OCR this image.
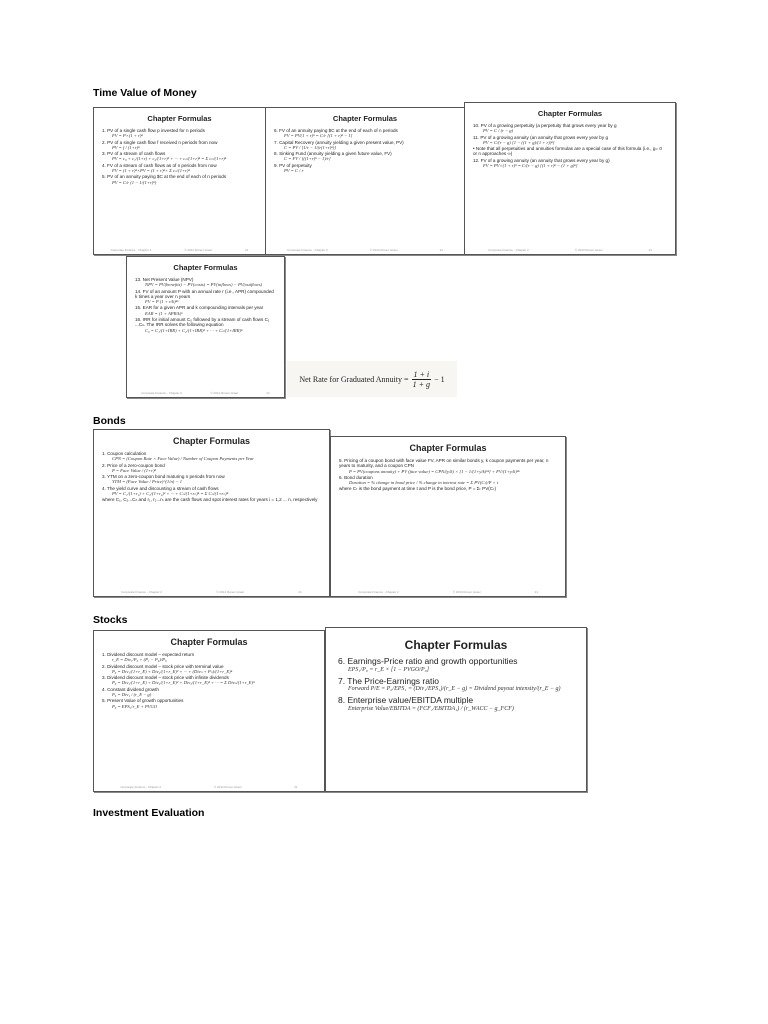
Time Value of Money
Bonds
Stocks
Investment Evaluation
Chapter Formulas
1. PV of a single cash flow p invested for n periods
FV = P×(1 + r)ⁿ
2. PV of a single cash flow f received n periods from now
PV = f / (1+r)ⁿ
3. PV of a stream of cash flows
PV = c₀ + c₁/(1+r) + c₂/(1+r)² + ··· + cₙ/(1+r)ⁿ = Σ cₙ/(1+r)ⁿ
4. FV of a stream of cash flows as of n periods from now
FV = (1 + r)ⁿ×PV = (1 + r)ⁿ× Σ cₙ/(1+r)ⁿ
5. PV of an annuity paying $C at the end of each of n periods
PV = C/r (1 − 1/(1+r)ⁿ)
Corporate Finance - Chapter 2	© 2014 Ronen Israel	21
Chapter Formulas
6. FV of an annuity paying $C at the end of each of n periods
FV = PV(1 + r)ⁿ = C/r [(1 + r)ⁿ − 1]
7. Capital Recovery (annuity yielding a given present value, PV)
C = PV / [1/r − 1/(r(1+r)ⁿ)]
8. Sinking Fund (annuity yielding a given future value, FV)
C = FV / [((1+r)ⁿ − 1)/r]
9. PV of perpetuity
PV = C / r
Corporate Finance - Chapter 2	© 2014 Ronen Israel	21
Chapter Formulas
10. PV of a growing perpetuity (a perpetuity that grows every year by g
PV = C / (r − g)
11. PV of a growing annuity (an annuity that grows every year by g
PV = C/(r − g) [1 − ((1 + g)/(1 + r))ⁿ]
• Note that all perpetuities and annuities formulas are a special case of this formula (i.e., g= 0 or n approaches ∞)
12. FV of a growing annuity (an annuity that grows every year by g)
FV = PV×(1 + r)ⁿ = C/(r − g) [(1 + r)ⁿ − (1 + g)ⁿ]
Corporate Finance - Chapter 2	© 2014 Ronen Israel	21
Chapter Formulas
13. Net Present Value (NPV)
NPV = PV(benefits) − PV(costs) = PV(inflows) − PV(outflows)
14. FV of an amount P with an annual rate r (i.e., APR) compounded k times a year over n years
FV = P (1 + r/k)ⁿᵏ
15. EAR for a given APR and k compounding intervals per year
EAR = (1 + APR/k)ᵏ
16. IRR for initial amount C₀ followed by a stream of cash flows C₁ ...Cₙ. The IRR solves the following equation
C₀ = C₁/(1+IRR) + C₂/(1+IRR)² + ··· + Cₙ/(1+IRR)ⁿ
Corporate Finance - Chapter 2	© 2014 Ronen Israel	21
Net Rate for Graduated Annuity = $\frac{1 + i}{1 + g} - 1$
Chapter Formulas
1. Coupon calculation
CPN = (Coupon Rate × Face Value) / Number of Coupon Payments per Year
2. Price of a zero-coupon bond
P = Face Value / (1+r)ⁿ
3. YTM on a zero-coupon bond maturing n periods from now
YTM = (Face Value / Price)^(1/n) − 1
4. The yield curve and discounting a stream of cash flows
PV = C₁/(1+r₁) + C₂/(1+r₂)² + ··· + Cₙ/(1+rₙ)ⁿ = Σ Cₙ/(1+rₙ)ⁿ
where C₁, C₂...Cₙ and r₁, r₂...rₙ are the cash flows and spot interest rates for years i = 1,2 ... n, respectively
Corporate Finance - Chapter 2	© 2014 Ronen Israel	21
Chapter Formulas
5. Pricing of a coupon bond with face value FV, APR on similar bonds y, k coupon payments per year, n years to maturity, and a coupon CPN
P = PV(coupons annuity) + PV (face value) = CPN/(y/k) × [1 − 1/(1+y/k)ⁿᵏ] + FV/(1+y/k)ⁿᵏ
6. Bond duration
Duration = % change in bond price / % change in interest rate = Σ PV(Cₜ)/P × t
where Cₜ is the bond payment at time t and P is the bond price, P = Σₜ PV(Cₜ)
Corporate Finance - Chapter 2	© 2014 Ronen Israel	21
Chapter Formulas
1. Dividend discount model – expected return
r_E = Div₁/P₀ + (P₁ − P₀)/P₀
2. Dividend discount model – stock price with terminal value
P₀ = Div₁/(1+r_E) + Div₂/(1+r_E)² + ··· + (Divₙ + Pₙ)/(1+r_E)ⁿ
3. Dividend discount model – stock price with infinite dividends
P₀ = Div₁/(1+r_E) + Div₂/(1+r_E)² + Div₃/(1+r_E)³ + ··· = Σ Divₙ/(1+r_E)ⁿ
4. Constant dividend growth
P₀ = Div₁ / (r_E − g)
5. Present Value of growth opportunities
P₀ = EPS₁/r_E + PVGO
Corporate Finance - Chapter 2	© 2014 Ronen Israel	21
Chapter Formulas
6. Earnings-Price ratio and growth opportunities
EPS₁/P₀ = r_E × [1 − PVGO/P₀]
7. The Price-Earnings ratio
Forward P/E = P₀/EPS₁ = (Div₁/EPS₁)/(r_E − g) = Dividend payout intensity/(r_E − g)
8. Enterprise value/EBITDA multiple
Enterprise Value/EBITDA = (FCF₁/EBITDA₁) / (r_WACC − g_FCF)
